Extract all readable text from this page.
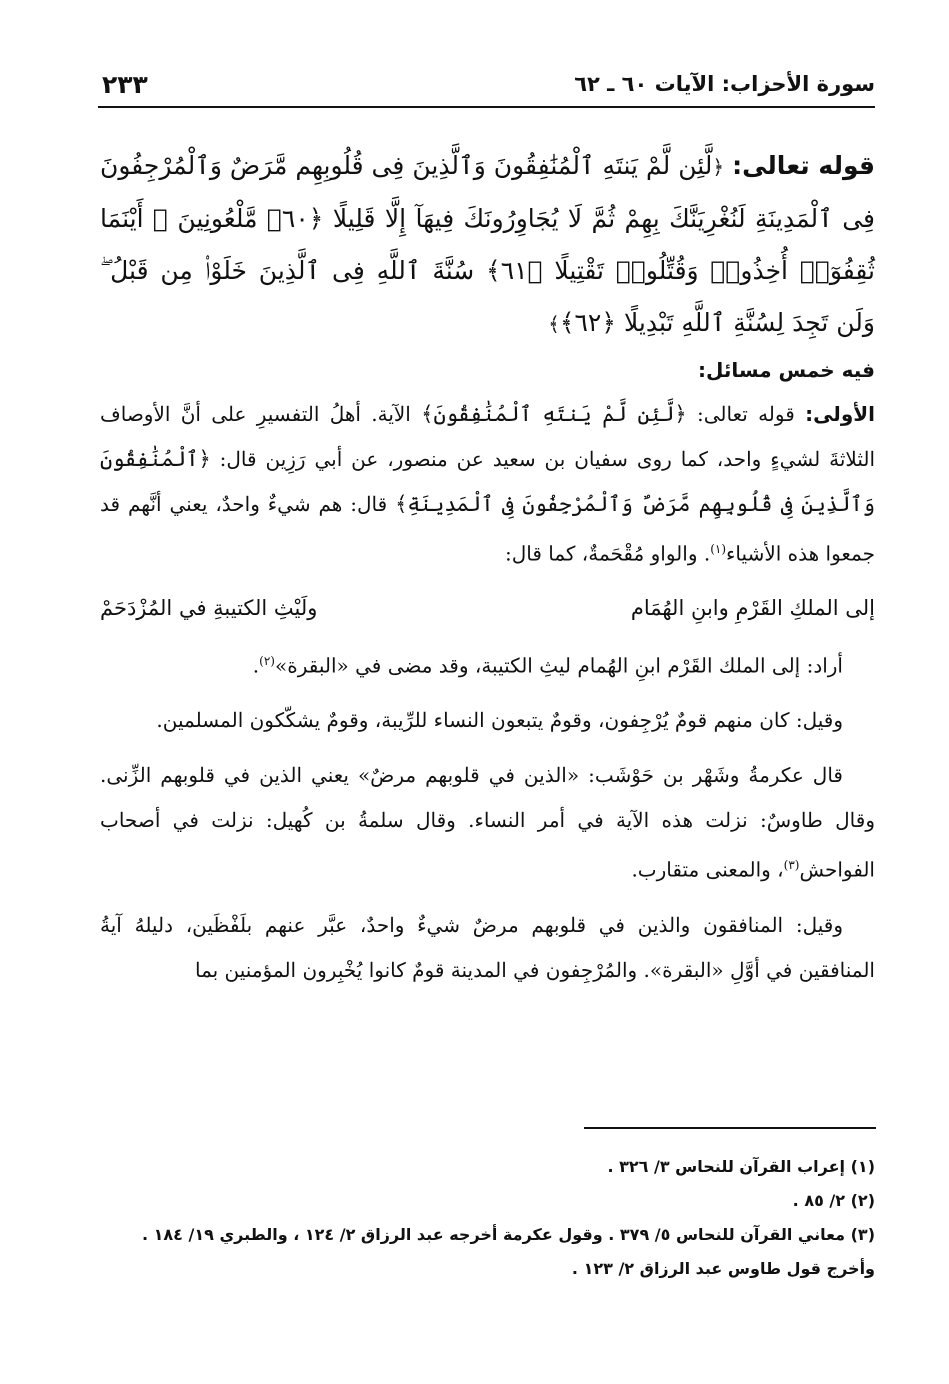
سورة الأحزاب: الآيات ٦٠ ـ ٦٢
٢٣٣
قوله تعالى: ﴿لَّئِن لَّمْ يَنتَهِ ٱلْمُنَٰفِقُونَ وَٱلَّذِينَ فِى قُلُوبِهِم مَّرَضٌ وَٱلْمُرْجِفُونَ فِى ٱلْمَدِينَةِ لَنُغْرِيَنَّكَ بِهِمْ ثُمَّ لَا يُجَاوِرُونَكَ فِيهَآ إِلَّا قَلِيلًا ﴿٦٠﴾ مَّلْعُونِينَ ۖ أَيْنَمَا ثُقِفُوٓا۟ أُخِذُوا۟ وَقُتِّلُوا۟ تَقْتِيلًا ﴿٦١﴾ سُنَّةَ ٱللَّهِ فِى ٱلَّذِينَ خَلَوْا۟ مِن قَبْلُ ۖ وَلَن تَجِدَ لِسُنَّةِ ٱللَّهِ تَبْدِيلًا ﴿٦٢﴾﴾
فيه خمس مسائل:

الأولى: قوله تعالى: ﴿لَّئِن لَّمْ يَنتَهِ ٱلْمُنَٰفِقُونَ﴾ الآية. أهلُ التفسيرِ على أنَّ الأوصاف الثلاثةَ لشيءٍ واحد، كما روى سفيان بن سعيد عن منصور، عن أبي رَزِين قال: ﴿ٱلْمُنَٰفِقُونَ وَٱلَّذِينَ فِى قُلُوبِهِم مَّرَضٌ وَٱلْمُرْجِفُونَ فِى ٱلْمَدِينَةِ﴾ قال: هم شيءٌ واحدٌ، يعني أنَّهم قد جمعوا هذه الأشياء$^{(١)}$. والواو مُقْحَمةٌ، كما قال:

إلى الملكِ القَرْمِ وابنِ الهُمَام
ولَيْثِ الكتيبةِ في المُزْدَحَمْ

أراد: إلى الملك القَرْم ابنِ الهُمام ليثِ الكتيبة، وقد مضى في «البقرة»$^{(٢)}$.

وقيل: كان منهم قومٌ يُرْجِفون، وقومٌ يتبعون النساء للرِّيبة، وقومٌ يشكّكون المسلمين.

قال عكرمةُ وشَهْر بن حَوْشَب: «الذين في قلوبهم مرضٌ» يعني الذين في قلوبهم الزِّنى. وقال طاوسٌ: نزلت هذه الآية في أمر النساء. وقال سلمةُ بن كُهيل: نزلت في أصحاب الفواحش$^{(٣)}$، والمعنى متقارب.

وقيل: المنافقون والذين في قلوبهم مرضٌ شيءٌ واحدٌ، عبَّر عنهم بلَفْظَين، دليلهُ آيةُ المنافقين في أوَّلِ «البقرة». والمُرْجِفون في المدينة قومٌ كانوا يُخْبِرون المؤمنين بما

(١) إعراب القرآن للنحاس ٣/ ٣٢٦ .

(٢) ٢/ ٨٥ .

(٣) معاني القرآن للنحاس ٥/ ٣٧٩ . وقول عكرمة أخرجه عبد الرزاق ٢/ ١٢٤ ، والطبري ١٩/ ١٨٤ .
وأخرج قول طاوس عبد الرزاق ٢/ ١٢٣ .
